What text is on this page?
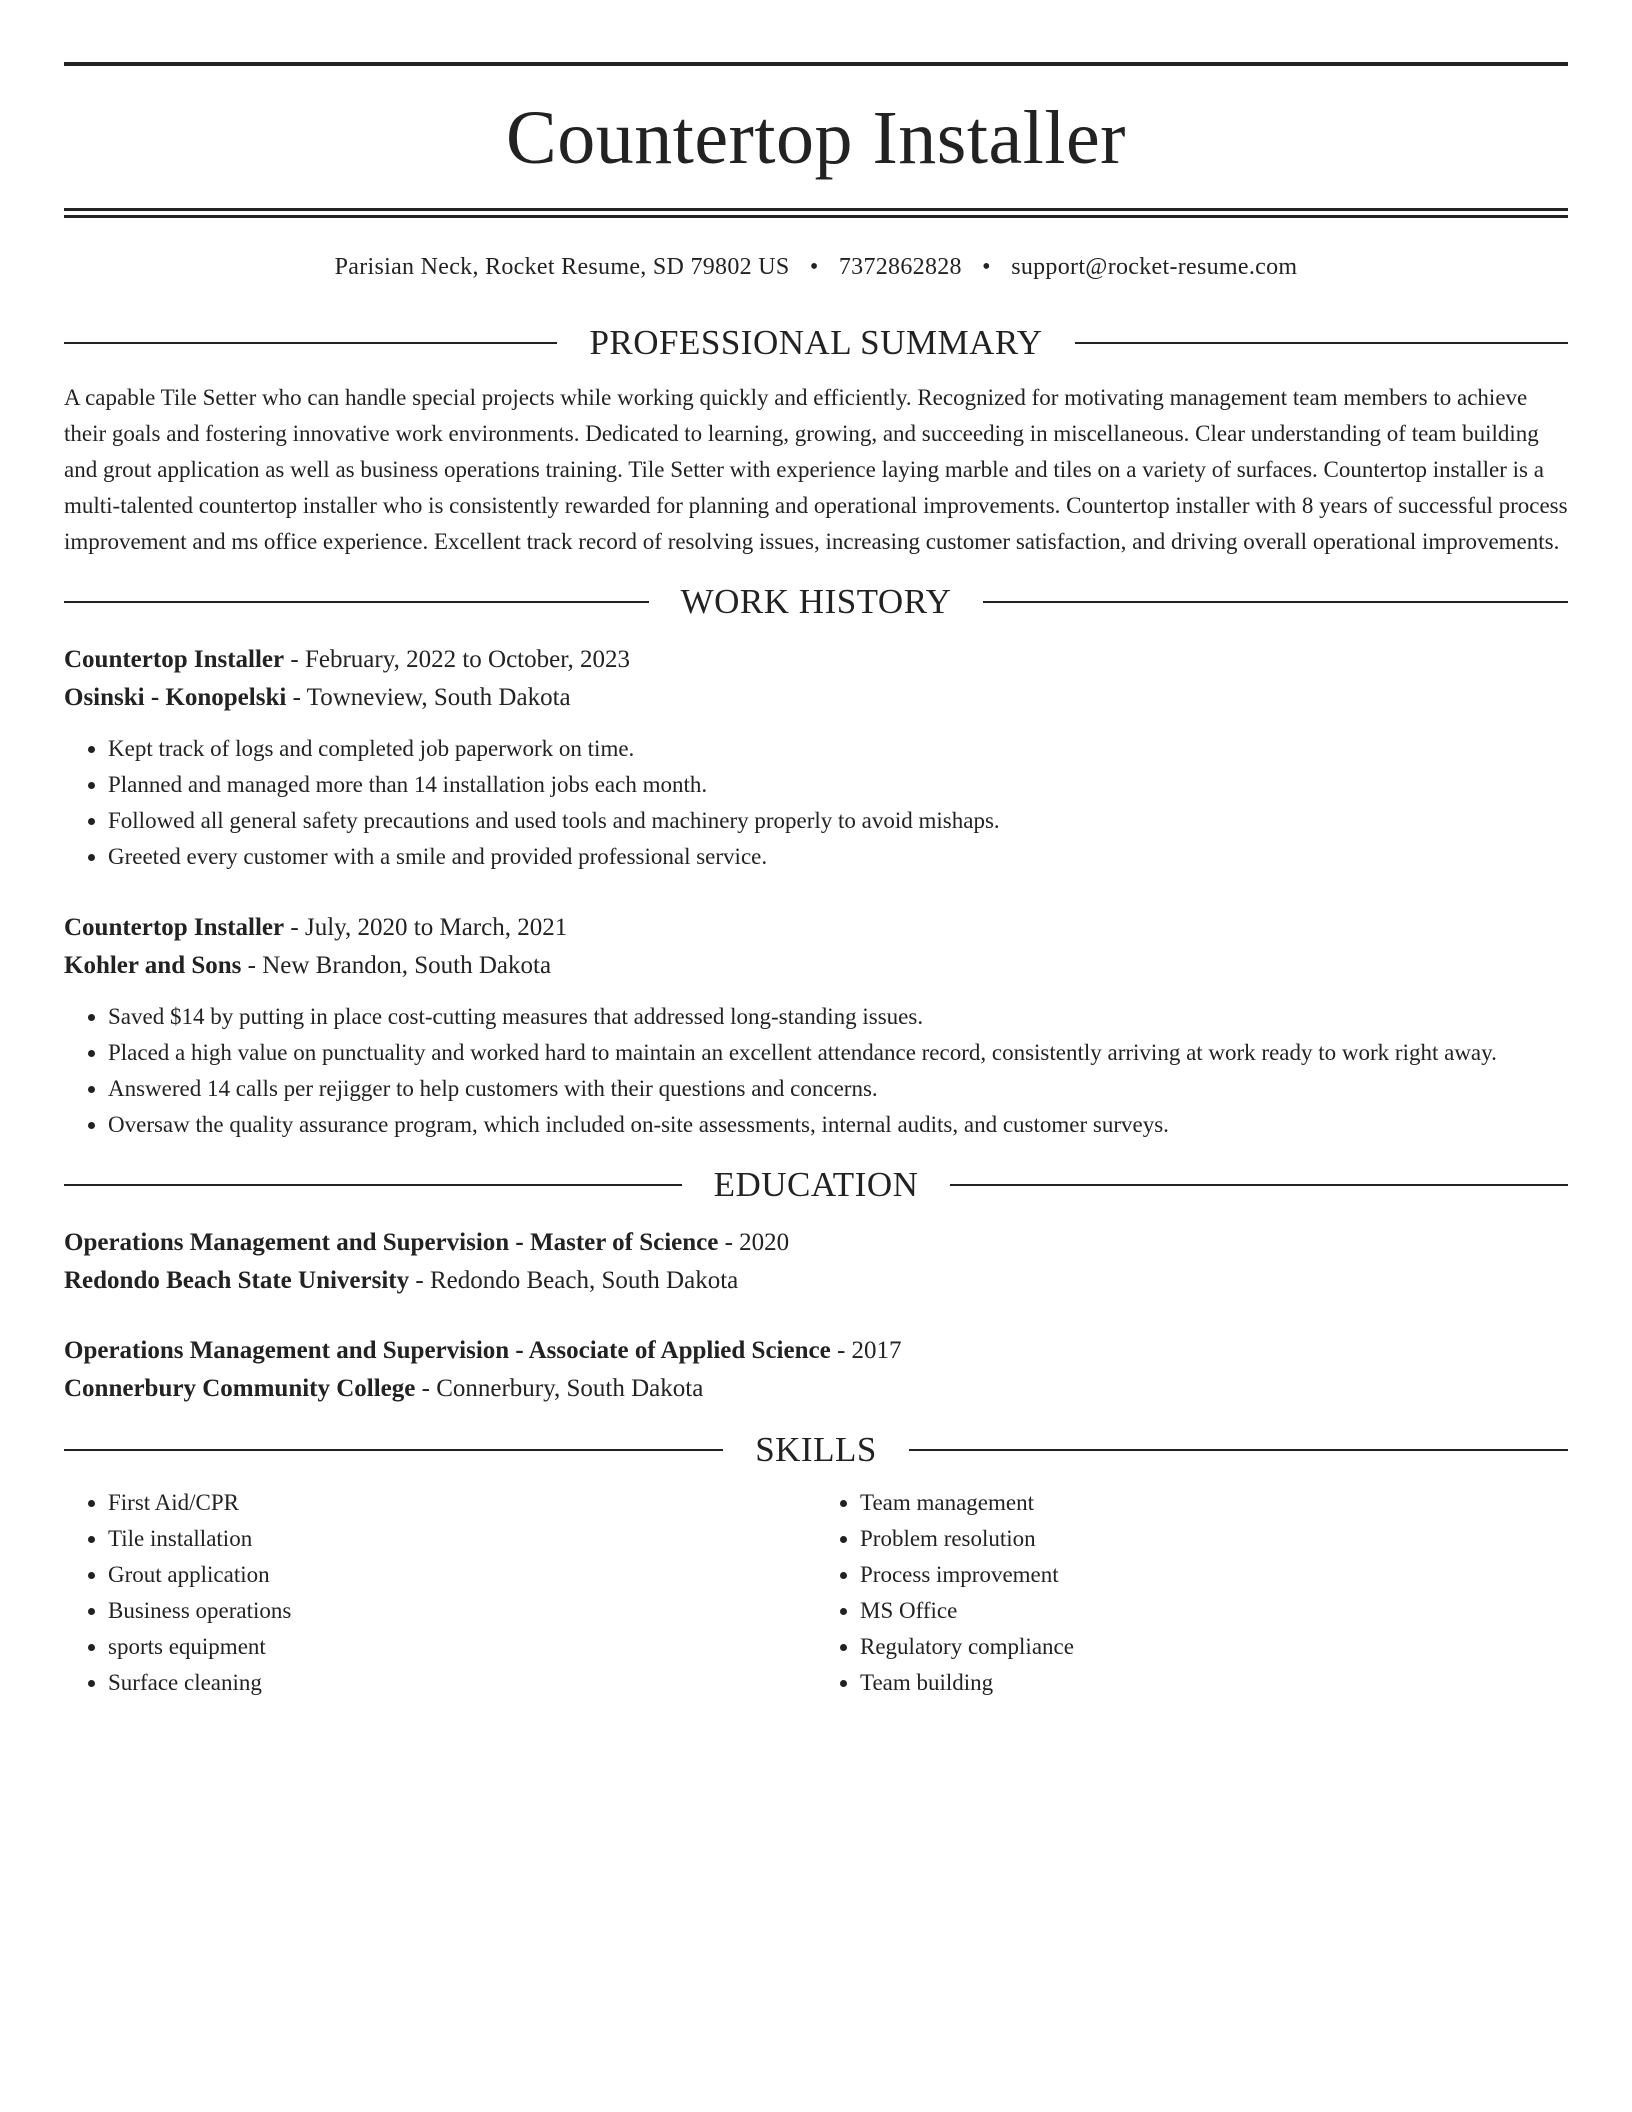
Countertop Installer
Parisian Neck, Rocket Resume, SD 79802 US • 7372862828 • support@rocket-resume.com
PROFESSIONAL SUMMARY

A capable Tile Setter who can handle special projects while working quickly and efficiently. Recognized for motivating management team members to achieve their goals and fostering innovative work environments. Dedicated to learning, growing, and succeeding in miscellaneous. Clear understanding of team building and grout application as well as business operations training. Tile Setter with experience laying marble and tiles on a variety of surfaces. Countertop installer is a multi-talented countertop installer who is consistently rewarded for planning and operational improvements. Countertop installer with 8 years of successful process improvement and ms office experience. Excellent track record of resolving issues, increasing customer satisfaction, and driving overall operational improvements.

WORK HISTORY
Countertop Installer - February, 2022 to October, 2023
Osinski - Konopelski - Towneview, South Dakota
• Kept track of logs and completed job paperwork on time.
• Planned and managed more than 14 installation jobs each month.
• Followed all general safety precautions and used tools and machinery properly to avoid mishaps.
• Greeted every customer with a smile and provided professional service.
Countertop Installer - July, 2020 to March, 2021
Kohler and Sons - New Brandon, South Dakota
• Saved $14 by putting in place cost-cutting measures that addressed long-standing issues.
• Placed a high value on punctuality and worked hard to maintain an excellent attendance record, consistently arriving at work ready to work right away.
• Answered 14 calls per rejigger to help customers with their questions and concerns.
• Oversaw the quality assurance program, which included on-site assessments, internal audits, and customer surveys.
EDUCATION
Operations Management and Supervision - Master of Science - 2020
Redondo Beach State University - Redondo Beach, South Dakota
Operations Management and Supervision - Associate of Applied Science - 2017
Connerbury Community College - Connerbury, South Dakota
SKILLS
• First Aid/CPR
• Tile installation
• Grout application
• Business operations
• sports equipment
• Surface cleaning
• Team management
• Problem resolution
• Process improvement
• MS Office
• Regulatory compliance
• Team building
